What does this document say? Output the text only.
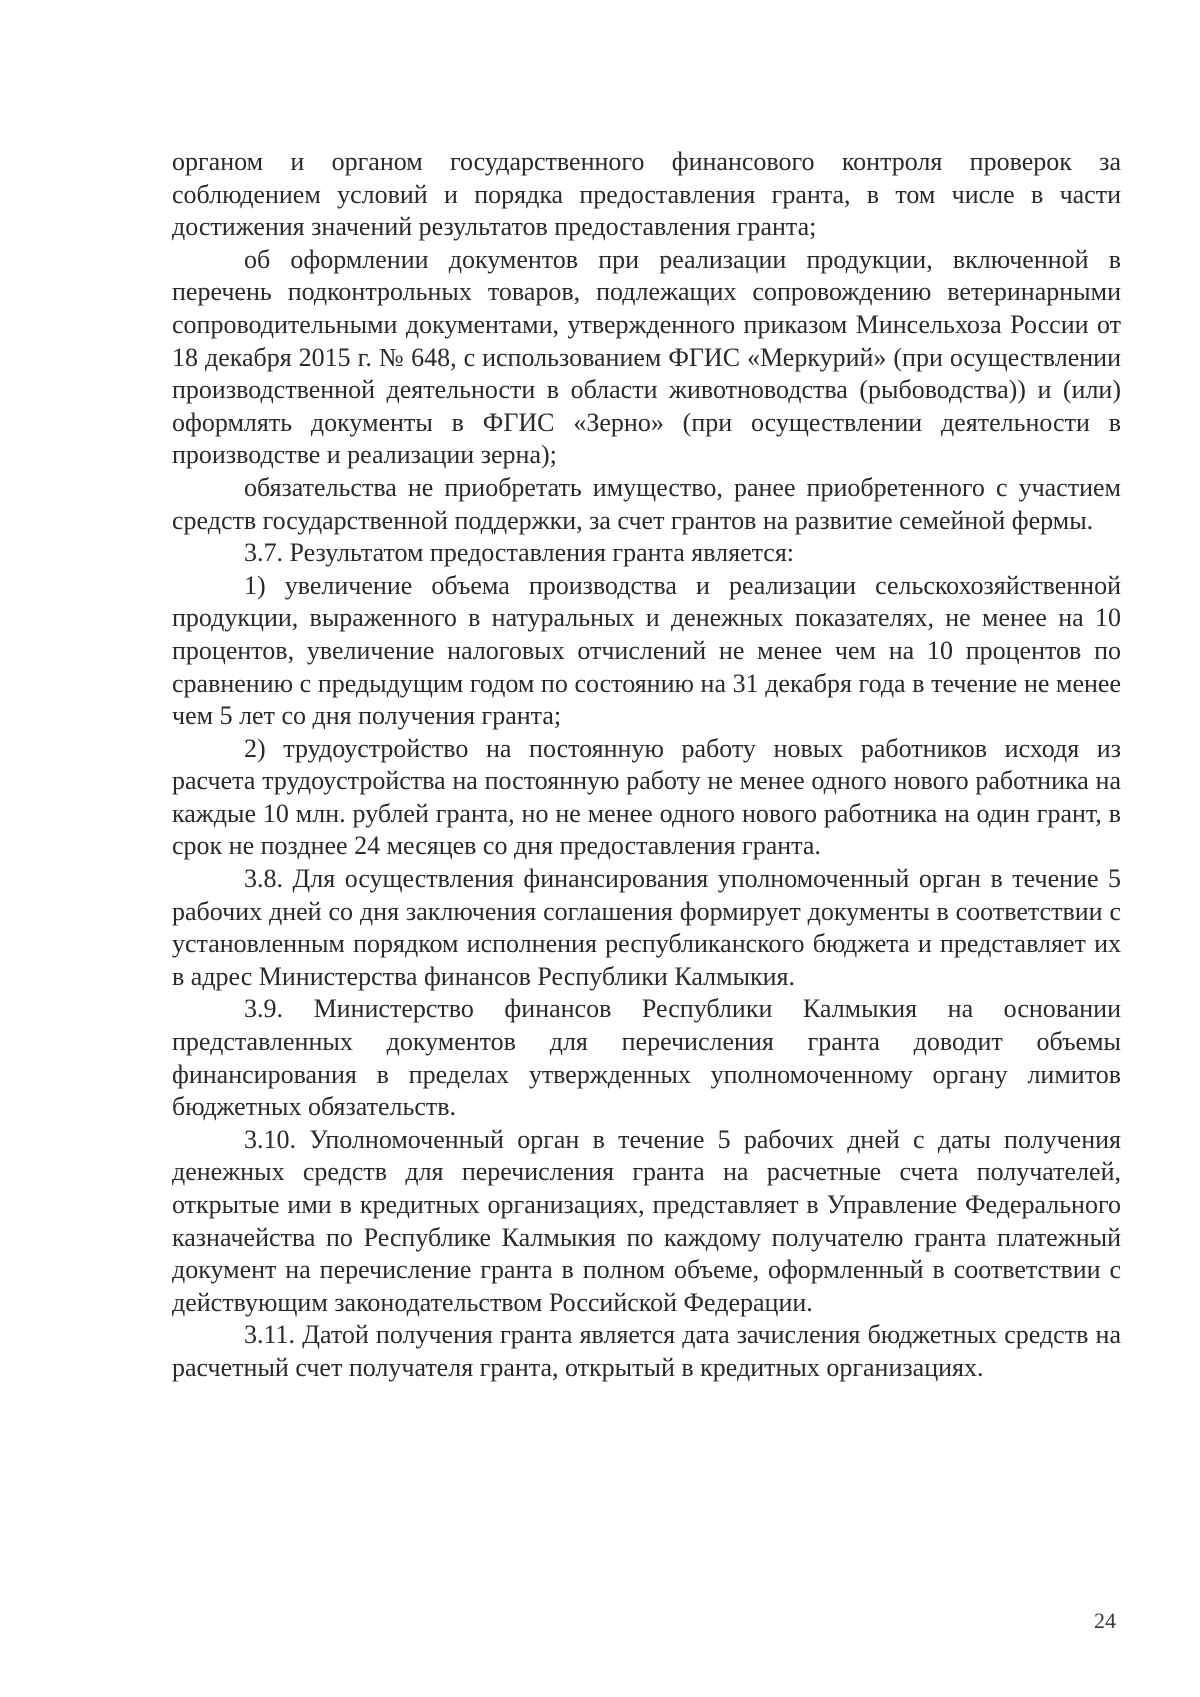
органом и органом государственного финансового контроля проверок за соблюдением условий и порядка предоставления гранта, в том числе в части достижения значений результатов предоставления гранта;

об оформлении документов при реализации продукции, включенной в перечень подконтрольных товаров, подлежащих сопровождению ветеринарными сопроводительными документами, утвержденного приказом Минсельхоза России от 18 декабря 2015 г. № 648, с использованием ФГИС «Меркурий» (при осуществлении производственной деятельности в области животноводства (рыбоводства)) и (или) оформлять документы в ФГИС «Зерно» (при осуществлении деятельности в производстве и реализации зерна);

обязательства не приобретать имущество, ранее приобретенного с участием средств государственной поддержки, за счет грантов на развитие семейной фермы.

3.7. Результатом предоставления гранта является:

1) увеличение объема производства и реализации сельскохозяйственной продукции, выраженного в натуральных и денежных показателях, не менее на 10 процентов, увеличение налоговых отчислений не менее чем на 10 процентов по сравнению с предыдущим годом по состоянию на 31 декабря года в течение не менее чем 5 лет со дня получения гранта;

2) трудоустройство на постоянную работу новых работников исходя из расчета трудоустройства на постоянную работу не менее одного нового работника на каждые 10 млн. рублей гранта, но не менее одного нового работника на один грант, в срок не позднее 24 месяцев со дня предоставления гранта.

3.8. Для осуществления финансирования уполномоченный орган в течение 5 рабочих дней со дня заключения соглашения формирует документы в соответствии с установленным порядком исполнения республиканского бюджета и представляет их в адрес Министерства финансов Республики Калмыкия.

3.9. Министерство финансов Республики Калмыкия на основании представленных документов для перечисления гранта доводит объемы финансирования в пределах утвержденных уполномоченному органу лимитов бюджетных обязательств.

3.10. Уполномоченный орган в течение 5 рабочих дней с даты получения денежных средств для перечисления гранта на расчетные счета получателей, открытые ими в кредитных организациях, представляет в Управление Федерального казначейства по Республике Калмыкия по каждому получателю гранта платежный документ на перечисление гранта в полном объеме, оформленный в соответствии с действующим законодательством Российской Федерации.

3.11. Датой получения гранта является дата зачисления бюджетных средств на расчетный счет получателя гранта, открытый в кредитных организациях.

24
